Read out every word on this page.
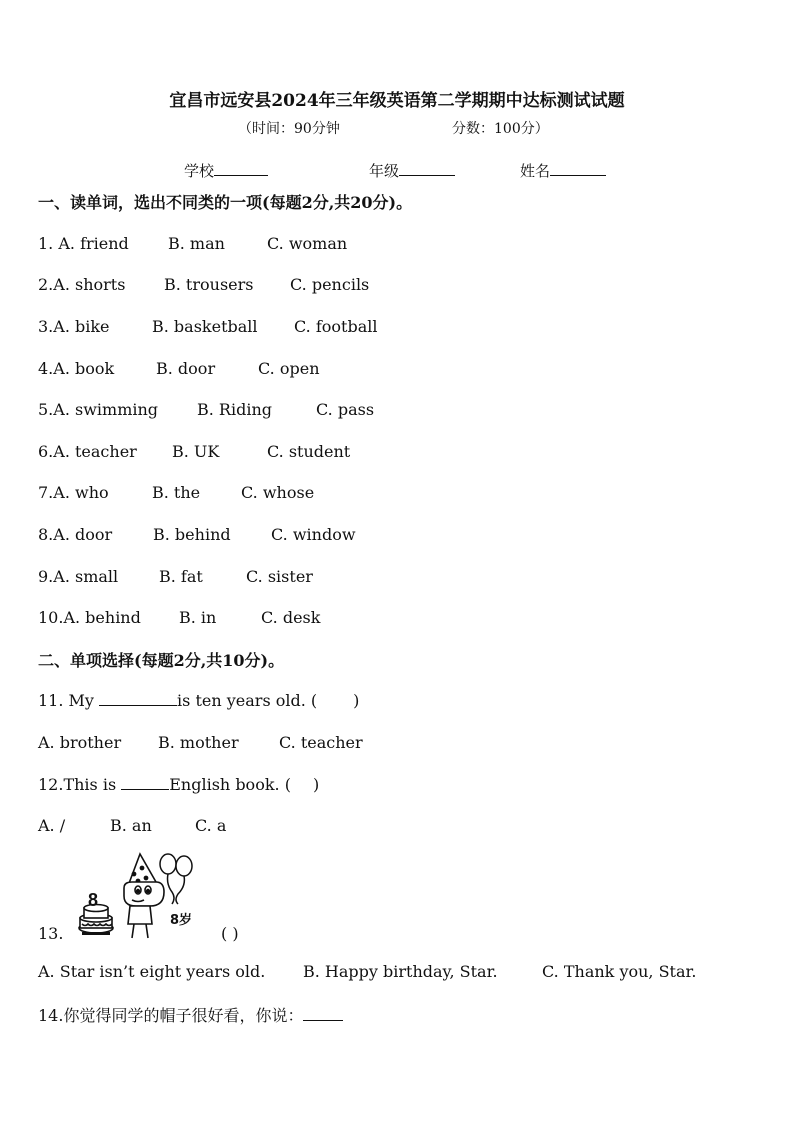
宜昌市远安县2024年三年级英语第二学期期中达标测试试题
（时间：90分钟	分数：100分）
学校	年级	姓名
一、读单词，选出不同类的一项(每题2分,共20分)。
1. A. friend B. man	C. woman
2.A. shorts B. trousers C. pencils
3.A. bike	B. basketball C. football
4.A. book	B. door	C. open
5.A. swimming B. Riding	C. pass
6.A. teacher B. UK	C. student
7.A. who	B. the	C. whose
8.A. door	B. behind	C. window
9.A. small	B. fat	C. sister
10.A. behind B. in	C. desk
二、单项选择(每题2分,共10分)。
11. My	is ten years old. ( )
A. brother B. mother	C. teacher
12.This is	English book. ( )
A. /	B. an	C. a
13.
8
8岁
( )
A. Star isn’t eight years old. B. Happy birthday, Star.	C. Thank you, Star.
14.你觉得同学的帽子很好看，你说：
